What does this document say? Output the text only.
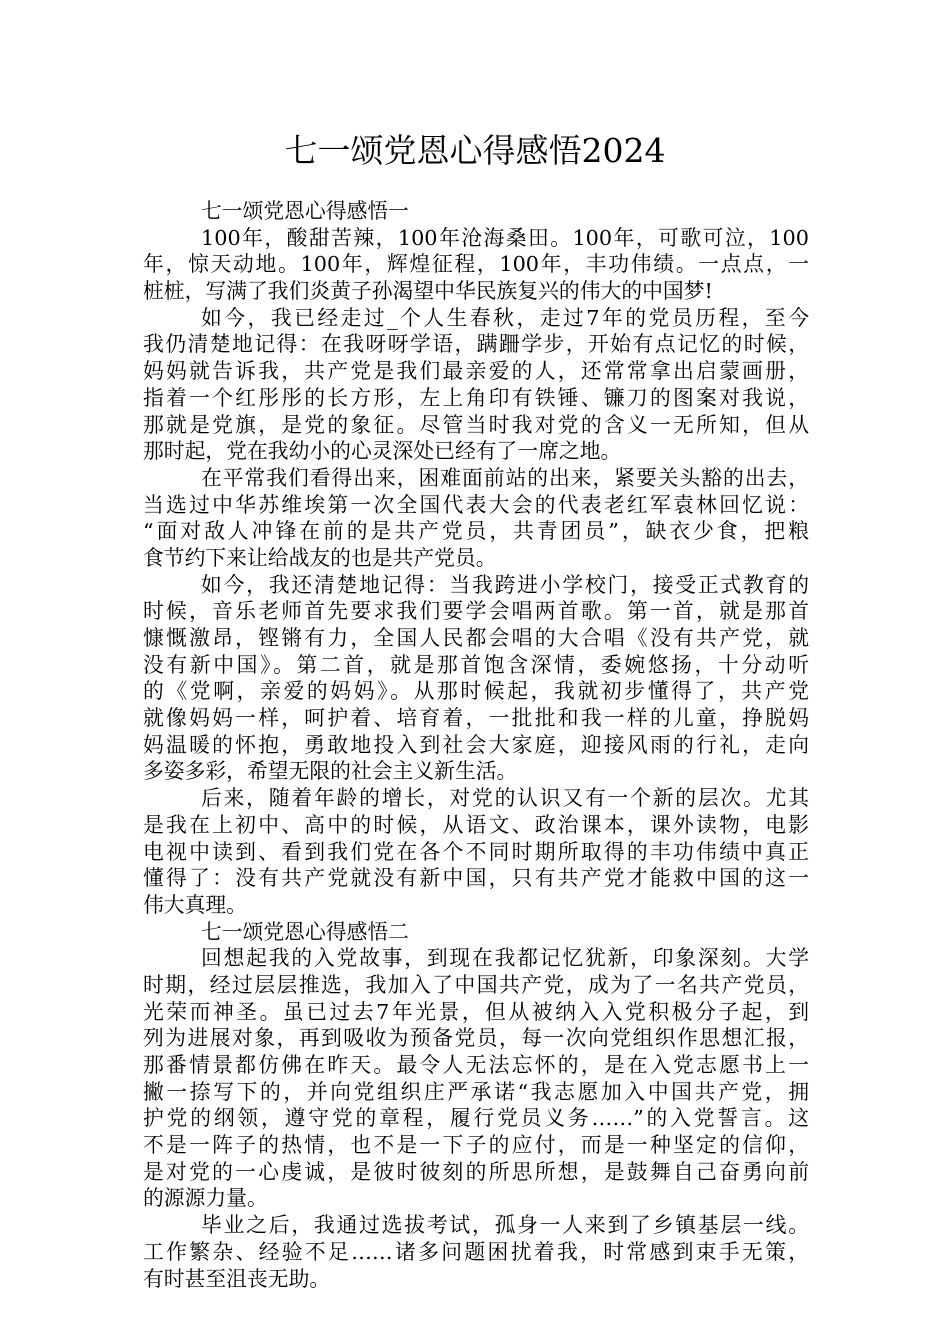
七一颂党恩心得感悟2024
七一颂党恩心得感悟一
100年，酸甜苦辣，100年沧海桑田。100年，可歌可泣，100
年，惊天动地。100年，辉煌征程，100年，丰功伟绩。一点点，一
桩桩，写满了我们炎黄子孙渴望中华民族复兴的伟大的中国梦!
如今，我已经走过_个人生春秋，走过7年的党员历程，至今
我仍清楚地记得：在我呀呀学语，蹒跚学步，开始有点记忆的时候，
妈妈就告诉我，共产党是我们最亲爱的人，还常常拿出启蒙画册，
指着一个红彤彤的长方形，左上角印有铁锤、镰刀的图案对我说，
那就是党旗，是党的象征。尽管当时我对党的含义一无所知，但从
那时起，党在我幼小的心灵深处已经有了一席之地。
在平常我们看得出来，困难面前站的出来，紧要关头豁的出去，
当选过中华苏维埃第一次全国代表大会的代表老红军袁林回忆说：
“面对敌人冲锋在前的是共产党员，共青团员”，缺衣少食，把粮
食节约下来让给战友的也是共产党员。
如今，我还清楚地记得：当我跨进小学校门，接受正式教育的
时候，音乐老师首先要求我们要学会唱两首歌。第一首，就是那首
慷慨激昂，铿锵有力，全国人民都会唱的大合唱《没有共产党，就
没有新中国》。第二首，就是那首饱含深情，委婉悠扬，十分动听
的《党啊，亲爱的妈妈》。从那时候起，我就初步懂得了，共产党
就像妈妈一样，呵护着、培育着，一批批和我一样的儿童，挣脱妈
妈温暖的怀抱，勇敢地投入到社会大家庭，迎接风雨的行礼，走向
多姿多彩，希望无限的社会主义新生活。
后来，随着年龄的增长，对党的认识又有一个新的层次。尤其
是我在上初中、高中的时候，从语文、政治课本，课外读物，电影
电视中读到、看到我们党在各个不同时期所取得的丰功伟绩中真正
懂得了：没有共产党就没有新中国，只有共产党才能救中国的这一
伟大真理。
七一颂党恩心得感悟二
回想起我的入党故事，到现在我都记忆犹新，印象深刻。大学
时期，经过层层推选，我加入了中国共产党，成为了一名共产党员，
光荣而神圣。虽已过去7年光景，但从被纳入入党积极分子起，到
列为进展对象，再到吸收为预备党员，每一次向党组织作思想汇报，
那番情景都仿佛在昨天。最令人无法忘怀的，是在入党志愿书上一
撇一捺写下的，并向党组织庄严承诺“我志愿加入中国共产党，拥
护党的纲领，遵守党的章程，履行党员义务……”的入党誓言。这
不是一阵子的热情，也不是一下子的应付，而是一种坚定的信仰，
是对党的一心虔诚，是彼时彼刻的所思所想，是鼓舞自己奋勇向前
的源源力量。
毕业之后，我通过选拔考试，孤身一人来到了乡镇基层一线。
工作繁杂、经验不足……诸多问题困扰着我，时常感到束手无策，
有时甚至沮丧无助。
